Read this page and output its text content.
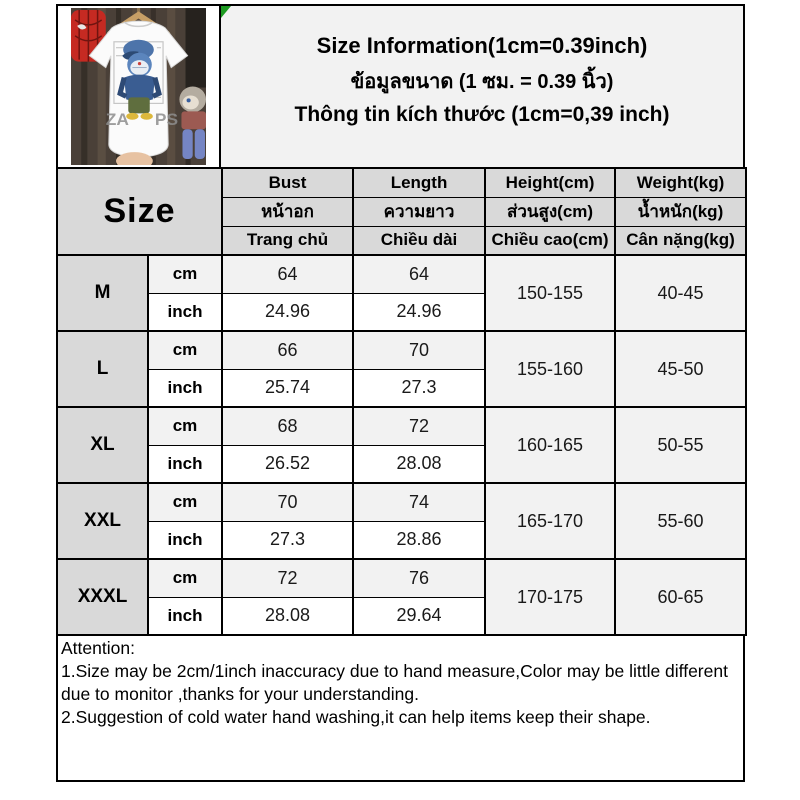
ZA PS
Size Information(1cm=0.39inch)
ข้อมูลขนาด (1 ซม. = 0.39 นิ้ว)
Thông tin kích thước (1cm=0,39 inch)
Size		Bust	Length	Height(cm)	Weight(kg)
		หน้าอก	ความยาว	ส่วนสูง(cm)	น้ำหนัก(kg)
		Trang chủ	Chiều dài	Chiều cao(cm)	Cân nặng(kg)
M	cm	64	64	150-155	40-45
	inch	24.96	24.96		
L	cm	66	70	155-160	45-50
	inch	25.74	27.3		
XL	cm	68	72	160-165	50-55
	inch	26.52	28.08		
XXL	cm	70	74	165-170	55-60
	inch	27.3	28.86		
XXXL	cm	72	76	170-175	60-65
	inch	28.08	29.64		
Attention:
1.Size may be 2cm/1inch inaccuracy due to hand measure,Color may be little different due to monitor ,thanks for your understanding.
2.Suggestion of cold water hand washing,it can help items keep their shape.
